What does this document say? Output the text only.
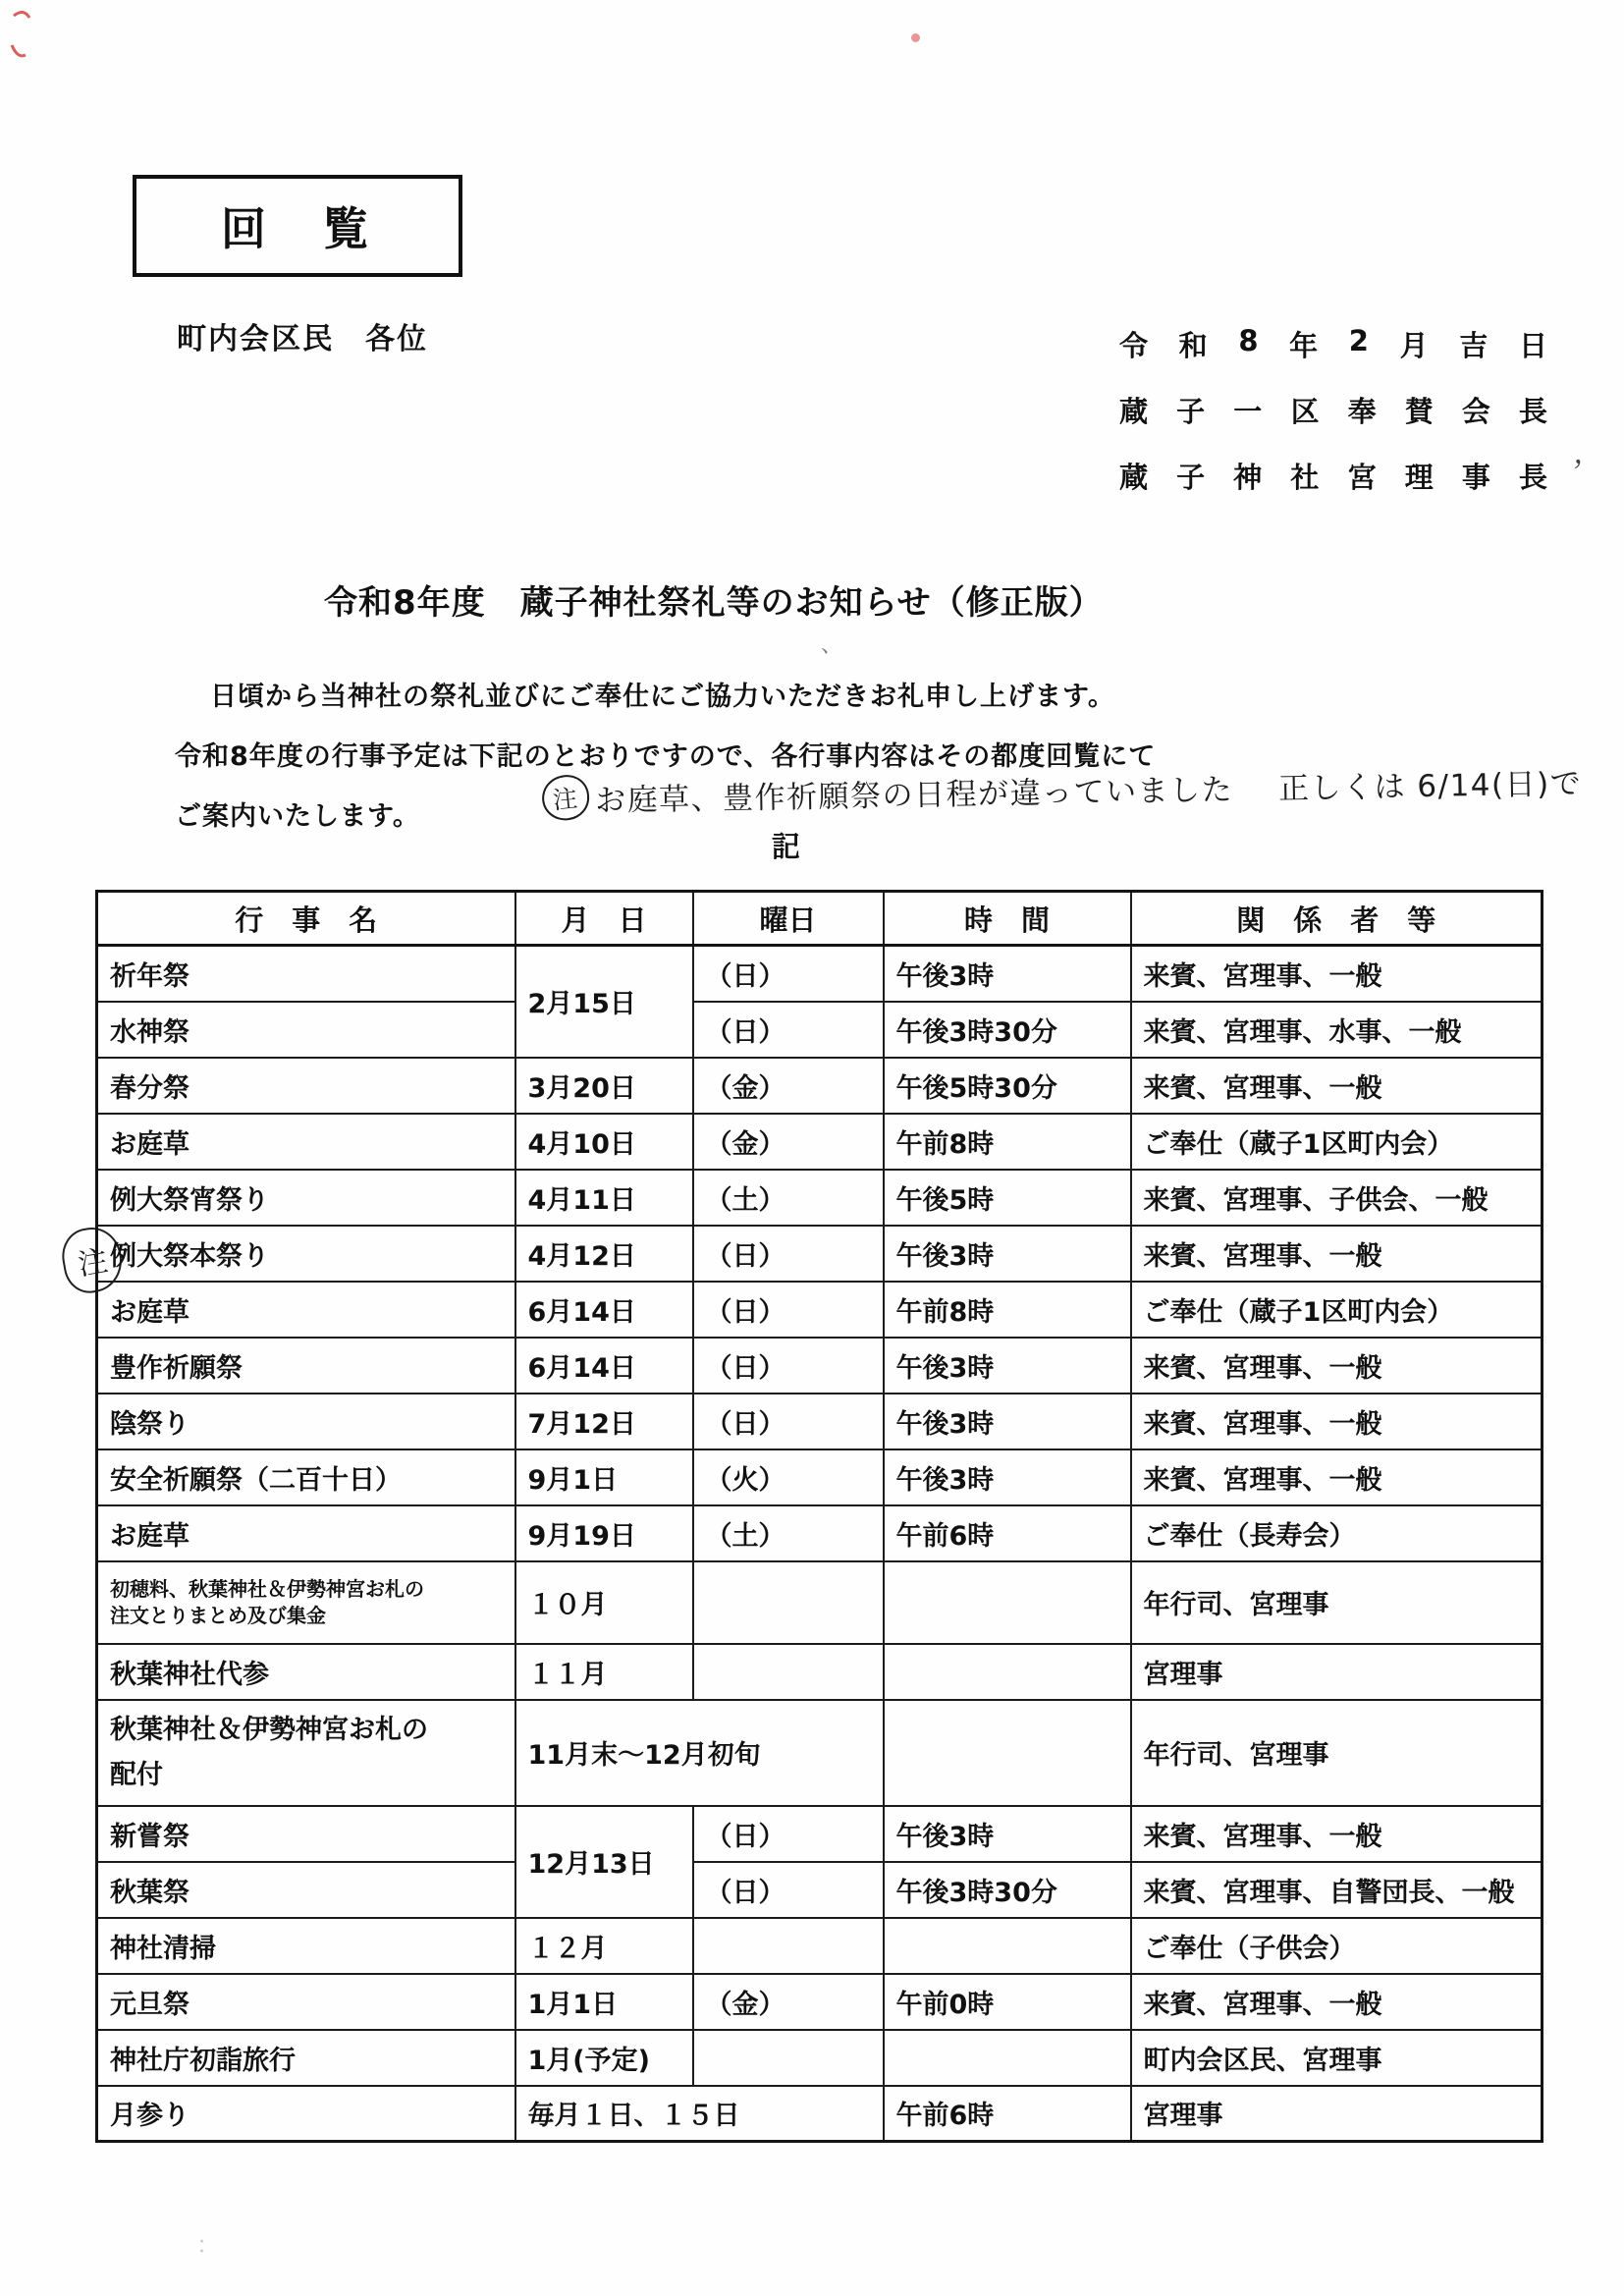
，
、
：
回　覧
町内会区民　各位	令 和 8 年 2 月 吉 日
蔵 子 一 区 奉 賛 会 長
蔵 子 神 社 宮 理 事 長
令和8年度　蔵子神社祭礼等のお知らせ（修正版）
日頃から当神社の祭礼並びにご奉仕にご協力いただきお礼申し上げます。
令和8年度の行事予定は下記のとおりですので、各行事内容はその都度回覧にて
ご案内いたします。
注 お庭草、豊作祈願祭の日程が違っていました 正しくは 6/14(日)で
記
注
行　事　名	月　日	曜日	時　間	関　係　者　等
祈年祭	2月15日	（日）	午後3時	来賓、宮理事、一般
水神祭		（日）	午後3時30分	来賓、宮理事、水事、一般
春分祭	3月20日	（金）	午後5時30分	来賓、宮理事、一般
お庭草	4月10日	（金）	午前8時	ご奉仕（蔵子1区町内会）
例大祭宵祭り	4月11日	（土）	午後5時	来賓、宮理事、子供会、一般
例大祭本祭り	4月12日	（日）	午後3時	来賓、宮理事、一般
お庭草	6月14日	（日）	午前8時	ご奉仕（蔵子1区町内会）
豊作祈願祭	6月14日	（日）	午後3時	来賓、宮理事、一般
陰祭り	7月12日	（日）	午後3時	来賓、宮理事、一般
安全祈願祭（二百十日）	9月1日	（火）	午後3時	来賓、宮理事、一般
お庭草	9月19日	（土）	午前6時	ご奉仕（長寿会）
初穂料、秋葉神社＆伊勢神宮お札の
注文とりまとめ及び集金	１０月			年行司、宮理事
秋葉神社代参	１１月			宮理事
秋葉神社＆伊勢神宮お札の
配付	11月末～12月初旬			年行司、宮理事
新嘗祭	12月13日	（日）	午後3時	来賓、宮理事、一般
秋葉祭		（日）	午後3時30分	来賓、宮理事、自警団長、一般
神社清掃	１２月			ご奉仕（子供会）
元旦祭	1月1日	（金）	午前0時	来賓、宮理事、一般
神社庁初詣旅行	1月(予定)			町内会区民、宮理事
月参り	毎月１日、１５日		午前6時	宮理事
